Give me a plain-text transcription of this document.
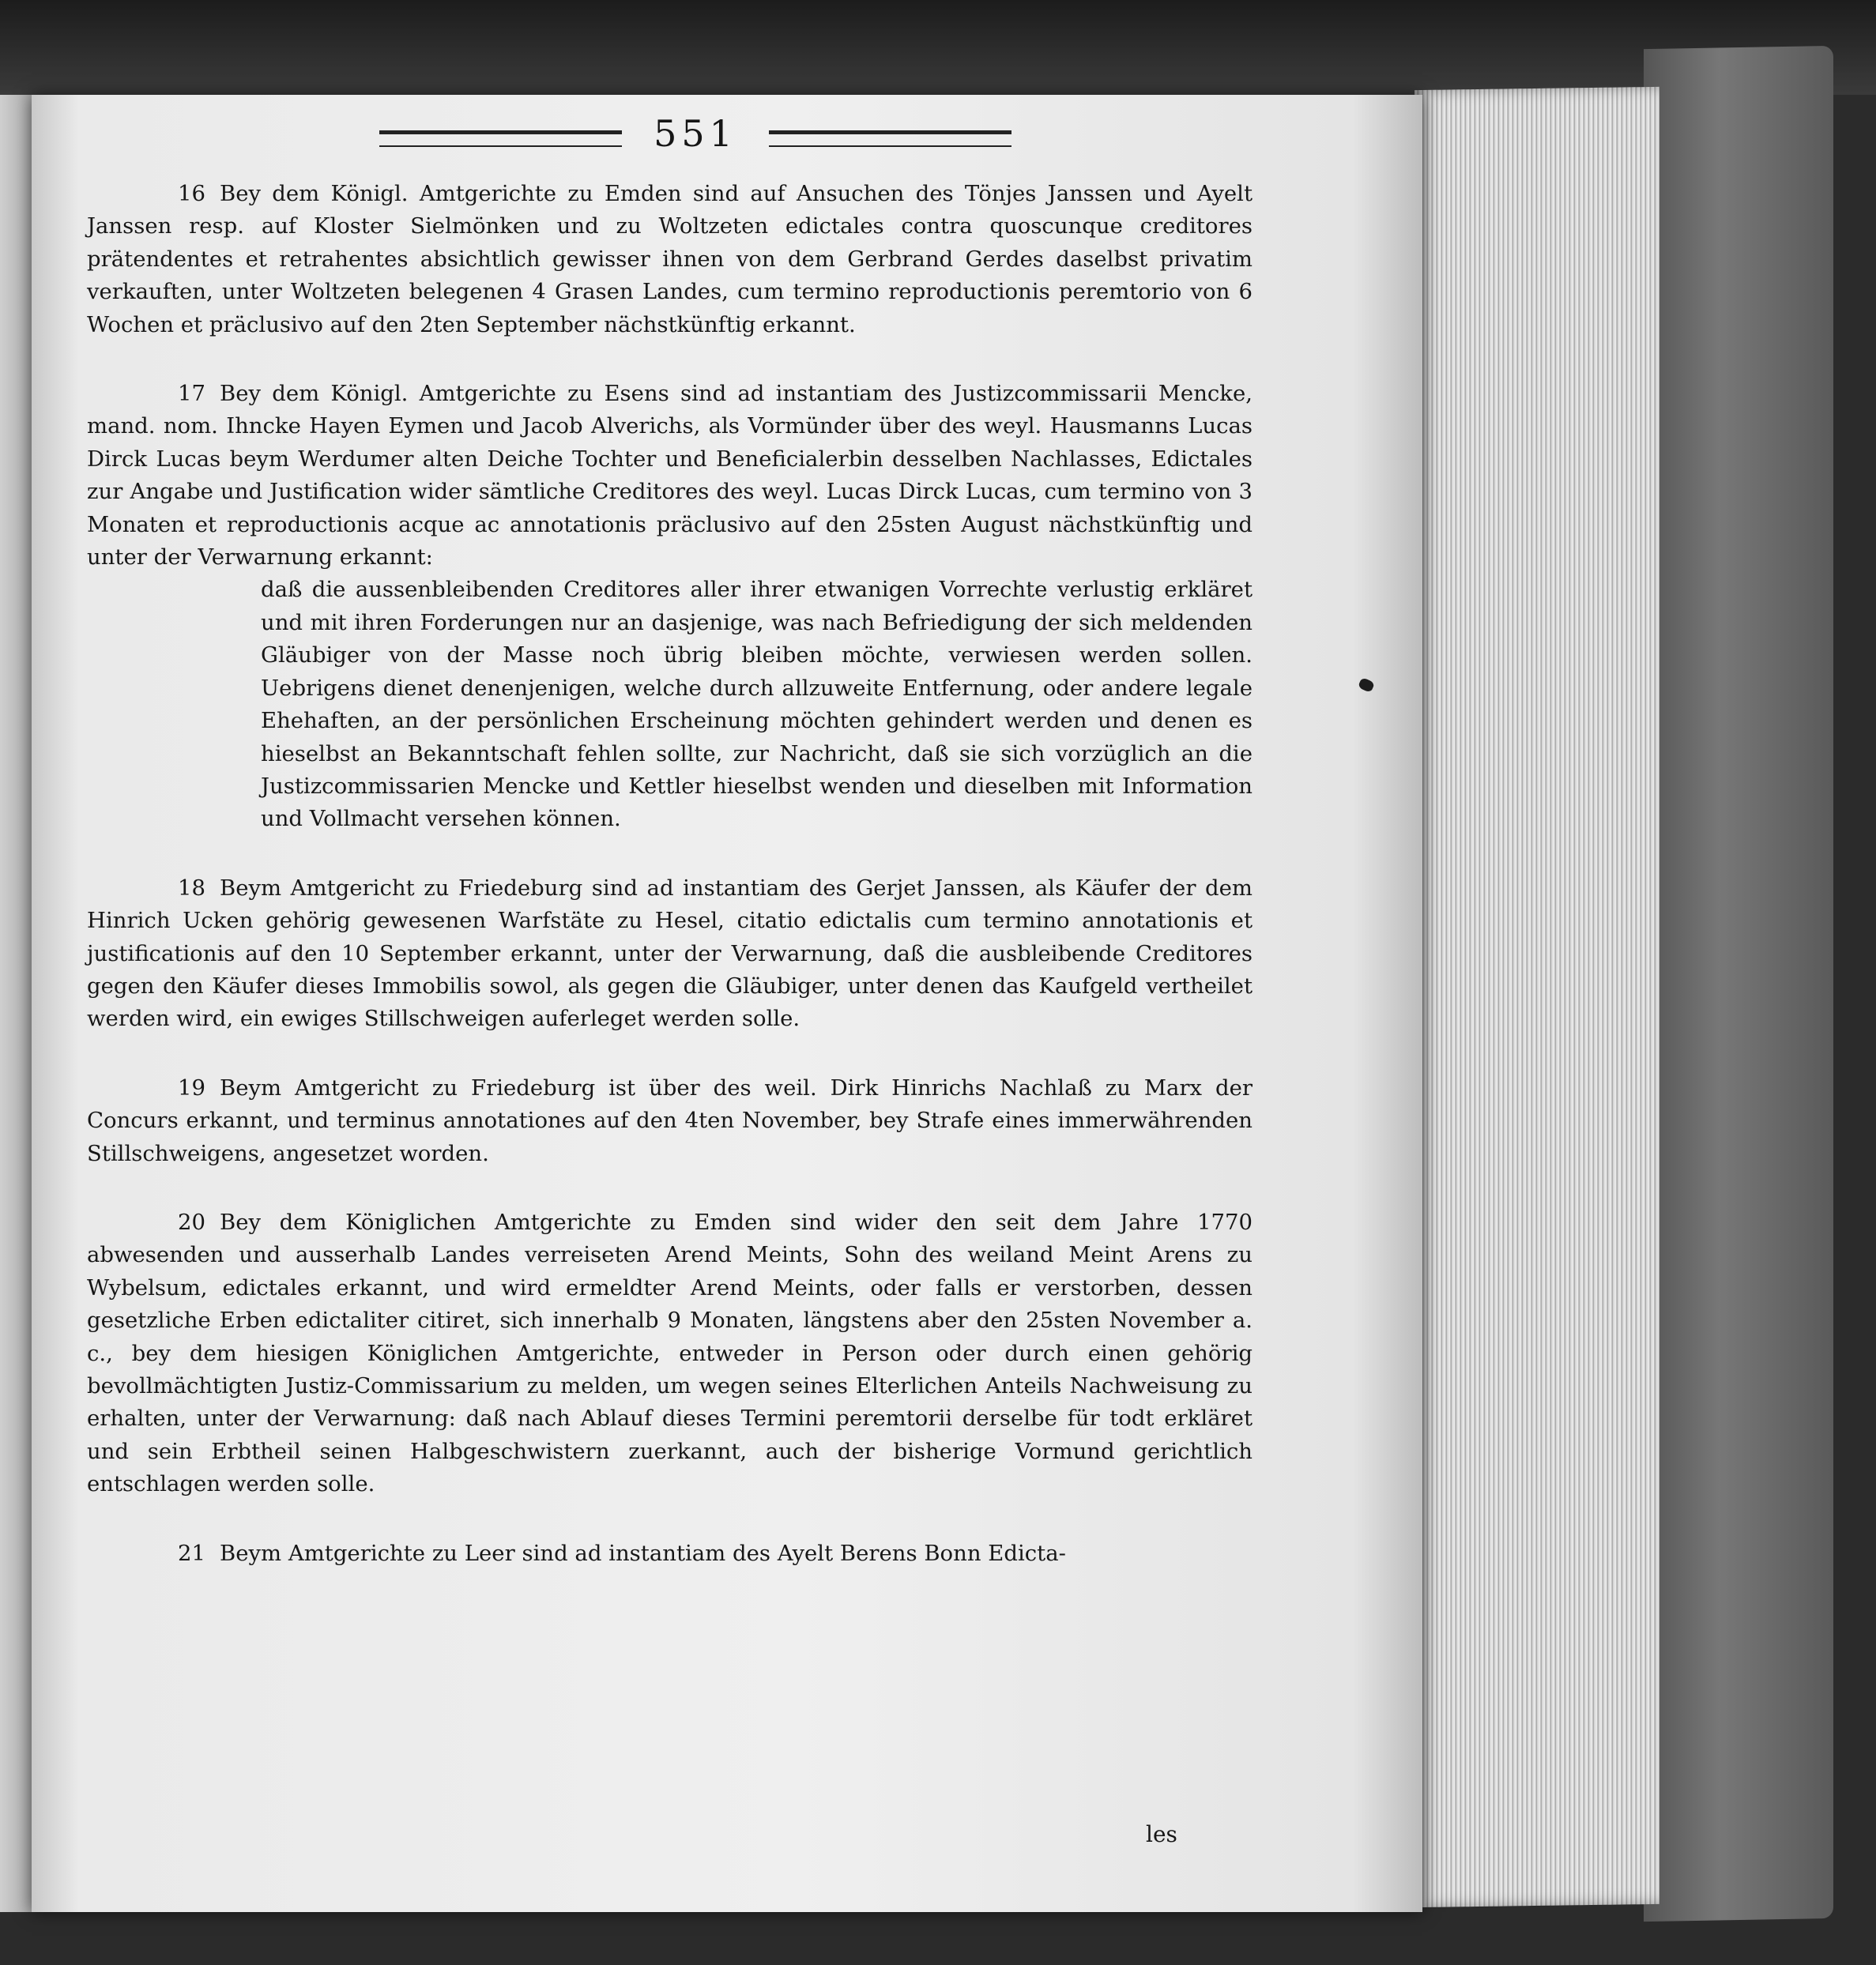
551

16 Bey dem Königl. Amtgerichte zu Emden sind auf Ansuchen des Tönjes Janssen und Ayelt Janssen resp. auf Kloster Sielmönken und zu Woltzeten edictales contra quoscunque creditores prätendentes et retrahentes absichtlich gewisser ihnen von dem Gerbrand Gerdes daselbst privatim verkauften, unter Woltzeten belegenen 4 Grasen Landes, cum termino reproductionis peremtorio von 6 Wochen et präclusivo auf den 2ten September nächstkünftig erkannt.

17 Bey dem Königl. Amtgerichte zu Esens sind ad instantiam des Justizcommissarii Mencke, mand. nom. Ihncke Hayen Eymen und Jacob Alverichs, als Vormünder über des weyl. Hausmanns Lucas Dirck Lucas beym Werdumer alten Deiche Tochter und Beneficialerbin desselben Nachlasses, Edictales zur Angabe und Justification wider sämtliche Creditores des weyl. Lucas Dirck Lucas, cum termino von 3 Monaten et reproductionis acque ac annotationis präclusivo auf den 25sten August nächstkünftig und unter der Verwarnung erkannt:

daß die aussenbleibenden Creditores aller ihrer etwanigen Vorrechte verlustig erkläret und mit ihren Forderungen nur an dasjenige, was nach Befriedigung der sich meldenden Gläubiger von der Masse noch übrig bleiben möchte, verwiesen werden sollen. Uebrigens dienet denenjenigen, welche durch allzuweite Entfernung, oder andere legale Ehehaften, an der persönlichen Erscheinung möchten gehindert werden und denen es hieselbst an Bekanntschaft fehlen sollte, zur Nachricht, daß sie sich vorzüglich an die Justizcommissarien Mencke und Kettler hieselbst wenden und dieselben mit Information und Vollmacht versehen können.

18 Beym Amtgericht zu Friedeburg sind ad instantiam des Gerjet Janssen, als Käufer der dem Hinrich Ucken gehörig gewesenen Warfstäte zu Hesel, citatio edictalis cum termino annotationis et justificationis auf den 10 September erkannt, unter der Verwarnung, daß die ausbleibende Creditores gegen den Käufer dieses Immobilis sowol, als gegen die Gläubiger, unter denen das Kaufgeld vertheilet werden wird, ein ewiges Stillschweigen auferleget werden solle.

19 Beym Amtgericht zu Friedeburg ist über des weil. Dirk Hinrichs Nachlaß zu Marx der Concurs erkannt, und terminus annotationes auf den 4ten November, bey Strafe eines immerwährenden Stillschweigens, angesetzet worden.

20 Bey dem Königlichen Amtgerichte zu Emden sind wider den seit dem Jahre 1770 abwesenden und ausserhalb Landes verreiseten Arend Meints, Sohn des weiland Meint Arens zu Wybelsum, edictales erkannt, und wird ermeldter Arend Meints, oder falls er verstorben, dessen gesetzliche Erben edictaliter citiret, sich innerhalb 9 Monaten, längstens aber den 25sten November a. c., bey dem hiesigen Königlichen Amtgerichte, entweder in Person oder durch einen gehörig bevollmächtigten Justiz-Commissarium zu melden, um wegen seines Elterlichen Anteils Nachweisung zu erhalten, unter der Verwarnung: daß nach Ablauf dieses Termini peremtorii derselbe für todt erkläret und sein Erbtheil seinen Halbgeschwistern zuerkannt, auch der bisherige Vormund gerichtlich entschlagen werden solle.

21 Beym Amtgerichte zu Leer sind ad instantiam des Ayelt Berens Bonn Edicta-

les
